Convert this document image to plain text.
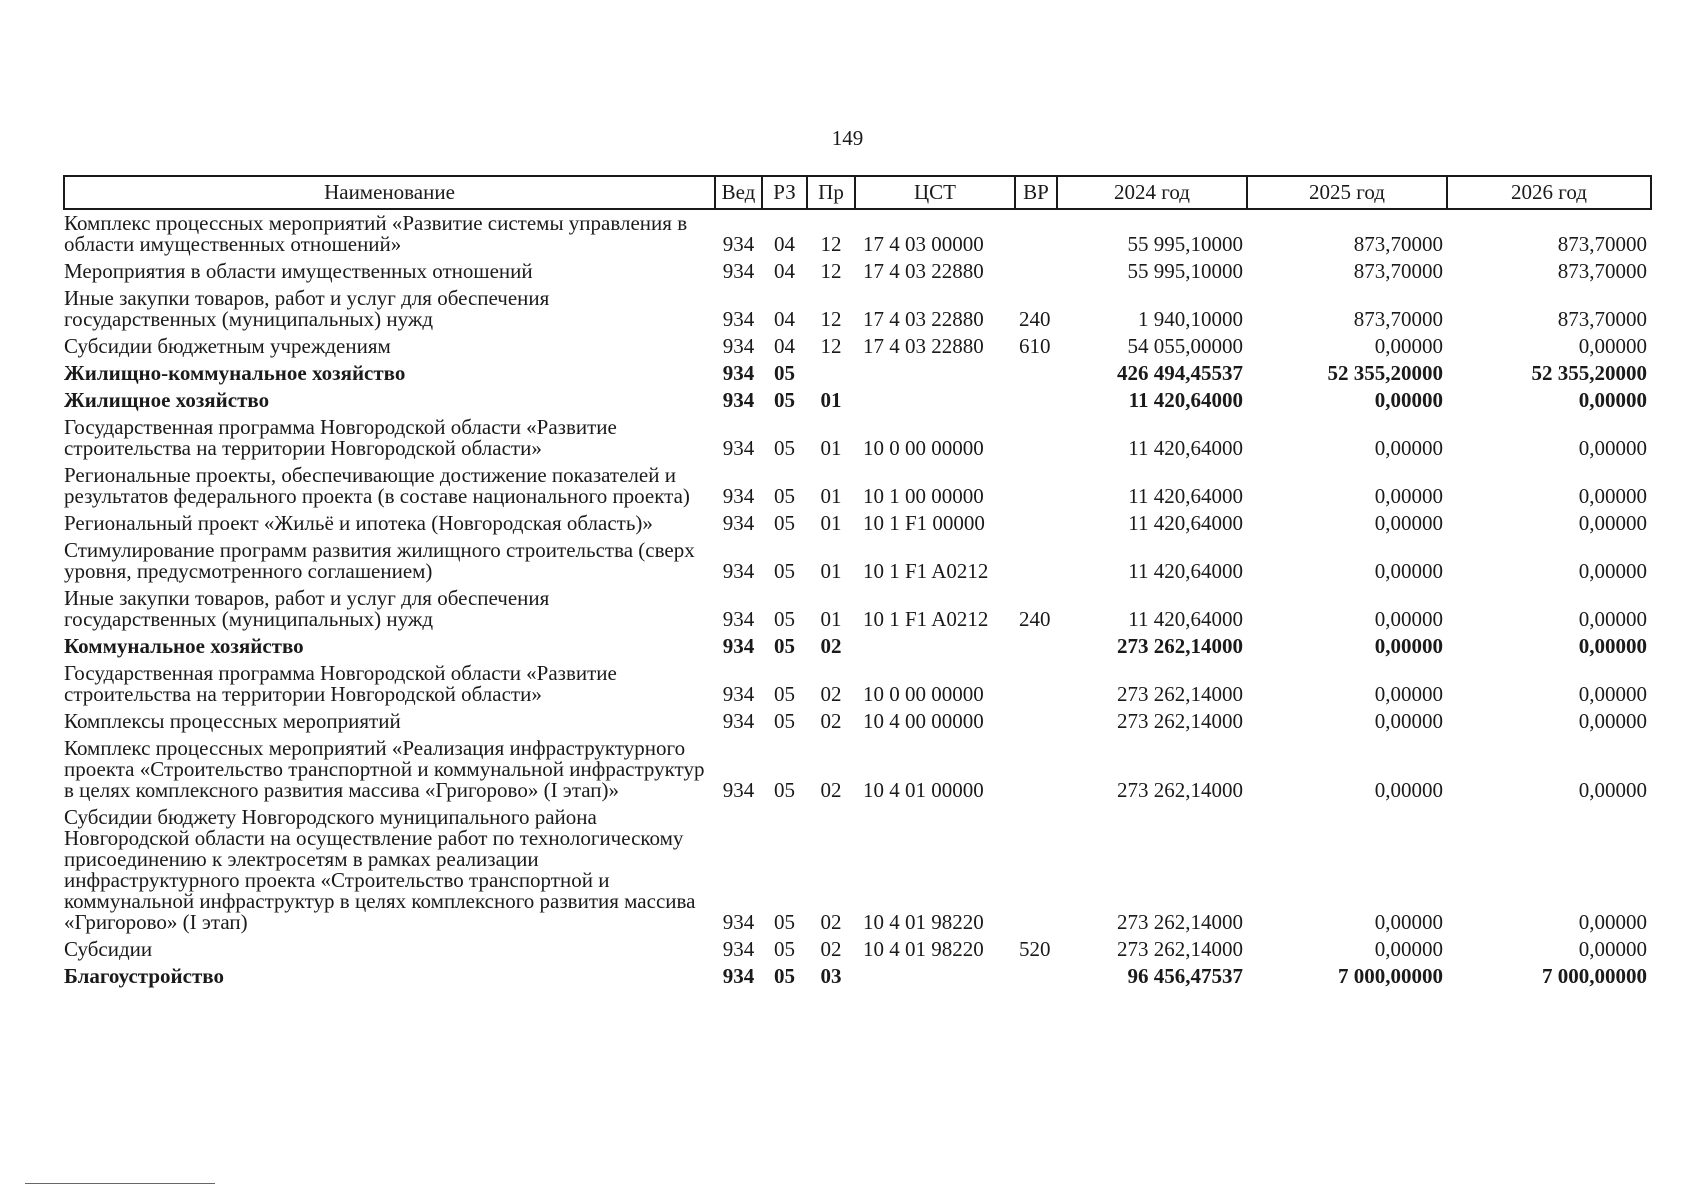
149
Наименование	Вед	РЗ	Пр	ЦСТ	ВР	2024 год	2025 год	2026 год
Комплекс процессных мероприятий «Развитие системы управления в области имущественных отношений»	934	04	12	17 4 03 00000		55 995,10000	873,70000	873,70000
Мероприятия в области имущественных отношений	934	04	12	17 4 03 22880		55 995,10000	873,70000	873,70000
Иные закупки товаров, работ и услуг для обеспечения государственных (муниципальных) нужд	934	04	12	17 4 03 22880	240	1 940,10000	873,70000	873,70000
Субсидии бюджетным учреждениям	934	04	12	17 4 03 22880	610	54 055,00000	0,00000	0,00000
Жилищно-коммунальное хозяйство	934	05				426 494,45537	52 355,20000	52 355,20000
Жилищное хозяйство	934	05	01			11 420,64000	0,00000	0,00000
Государственная программа Новгородской области «Развитие строительства на территории Новгородской области»	934	05	01	10 0 00 00000		11 420,64000	0,00000	0,00000
Региональные проекты, обеспечивающие достижение показателей и результатов федерального проекта (в составе национального проекта)	934	05	01	10 1 00 00000		11 420,64000	0,00000	0,00000
Региональный проект «Жильё и ипотека (Новгородская область)»	934	05	01	10 1 F1 00000		11 420,64000	0,00000	0,00000
Стимулирование программ развития жилищного строительства (сверх уровня, предусмотренного соглашением)	934	05	01	10 1 F1 A0212		11 420,64000	0,00000	0,00000
Иные закупки товаров, работ и услуг для обеспечения государственных (муниципальных) нужд	934	05	01	10 1 F1 A0212	240	11 420,64000	0,00000	0,00000
Коммунальное хозяйство	934	05	02			273 262,14000	0,00000	0,00000
Государственная программа Новгородской области «Развитие строительства на территории Новгородской области»	934	05	02	10 0 00 00000		273 262,14000	0,00000	0,00000
Комплексы процессных мероприятий	934	05	02	10 4 00 00000		273 262,14000	0,00000	0,00000
Комплекс процессных мероприятий «Реализация инфраструктурного проекта «Строительство транспортной и коммунальной инфраструктур в целях комплексного развития массива «Григорово» (I этап)»	934	05	02	10 4 01 00000		273 262,14000	0,00000	0,00000
Субсидии бюджету Новгородского муниципального района Новгородской области на осуществление работ по технологическому присоединению к электросетям в рамках реализации инфраструктурного проекта «Строительство транспортной и коммунальной инфраструктур в целях комплексного развития массива «Григорово» (I этап)	934	05	02	10 4 01 98220		273 262,14000	0,00000	0,00000
Субсидии	934	05	02	10 4 01 98220	520	273 262,14000	0,00000	0,00000
Благоустройство	934	05	03			96 456,47537	7 000,00000	7 000,00000
